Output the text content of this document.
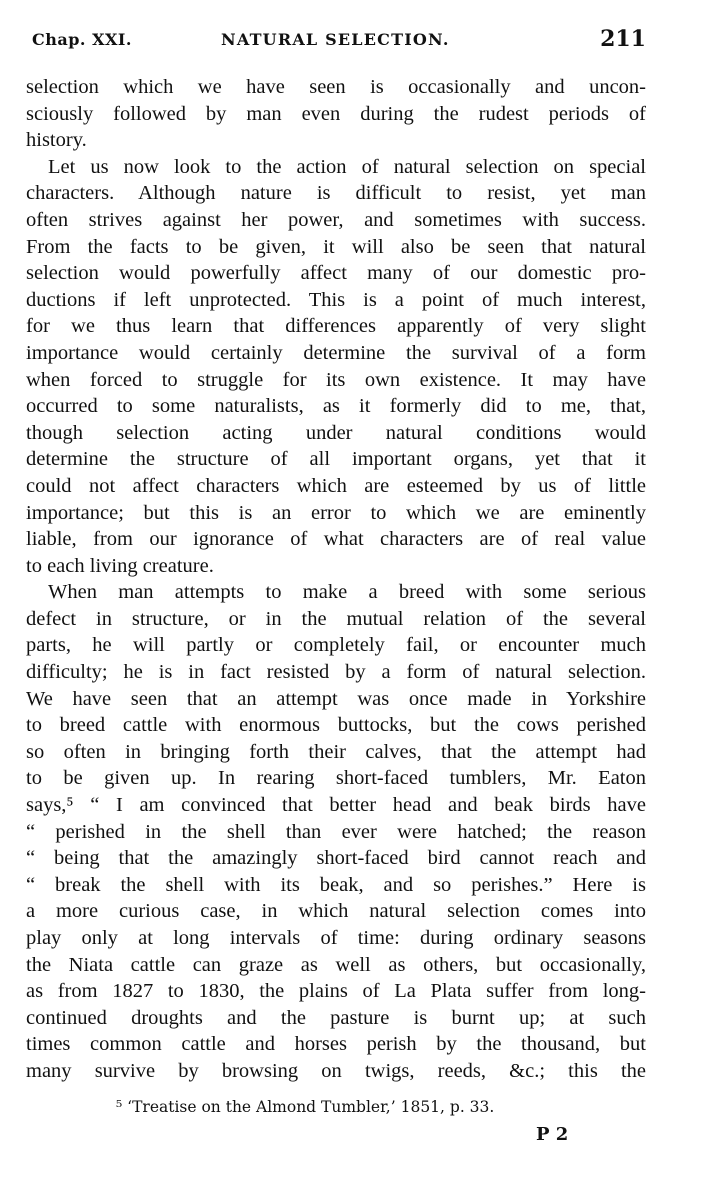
Chap. XXI.	NATURAL SELECTION.	211
selection which we have seen is occasionally and uncon-
sciously followed by man even during the rudest periods of
history.
Let us now look to the action of natural selection on special
characters. Although nature is difficult to resist, yet man
often strives against her power, and sometimes with success.
From the facts to be given, it will also be seen that natural
selection would powerfully affect many of our domestic pro-
ductions if left unprotected. This is a point of much interest,
for we thus learn that differences apparently of very slight
importance would certainly determine the survival of a form
when forced to struggle for its own existence. It may have
occurred to some naturalists, as it formerly did to me, that,
though selection acting under natural conditions would
determine the structure of all important organs, yet that it
could not affect characters which are esteemed by us of little
importance; but this is an error to which we are eminently
liable, from our ignorance of what characters are of real value
to each living creature.
When man attempts to make a breed with some serious
defect in structure, or in the mutual relation of the several
parts, he will partly or completely fail, or encounter much
difficulty; he is in fact resisted by a form of natural selection.
We have seen that an attempt was once made in Yorkshire
to breed cattle with enormous buttocks, but the cows perished
so often in bringing forth their calves, that the attempt had
to be given up. In rearing short-faced tumblers, Mr. Eaton
says,⁵ “ I am convinced that better head and beak birds have
“ perished in the shell than ever were hatched; the reason
“ being that the amazingly short-faced bird cannot reach and
“ break the shell with its beak, and so perishes.” Here is
a more curious case, in which natural selection comes into
play only at long intervals of time: during ordinary seasons
the Niata cattle can graze as well as others, but occasionally,
as from 1827 to 1830, the plains of La Plata suffer from long-
continued droughts and the pasture is burnt up; at such
times common cattle and horses perish by the thousand, but
many survive by browsing on twigs, reeds, &c.; this the
⁵ ‘Treatise on the Almond Tumbler,’ 1851, p. 33.
P 2
